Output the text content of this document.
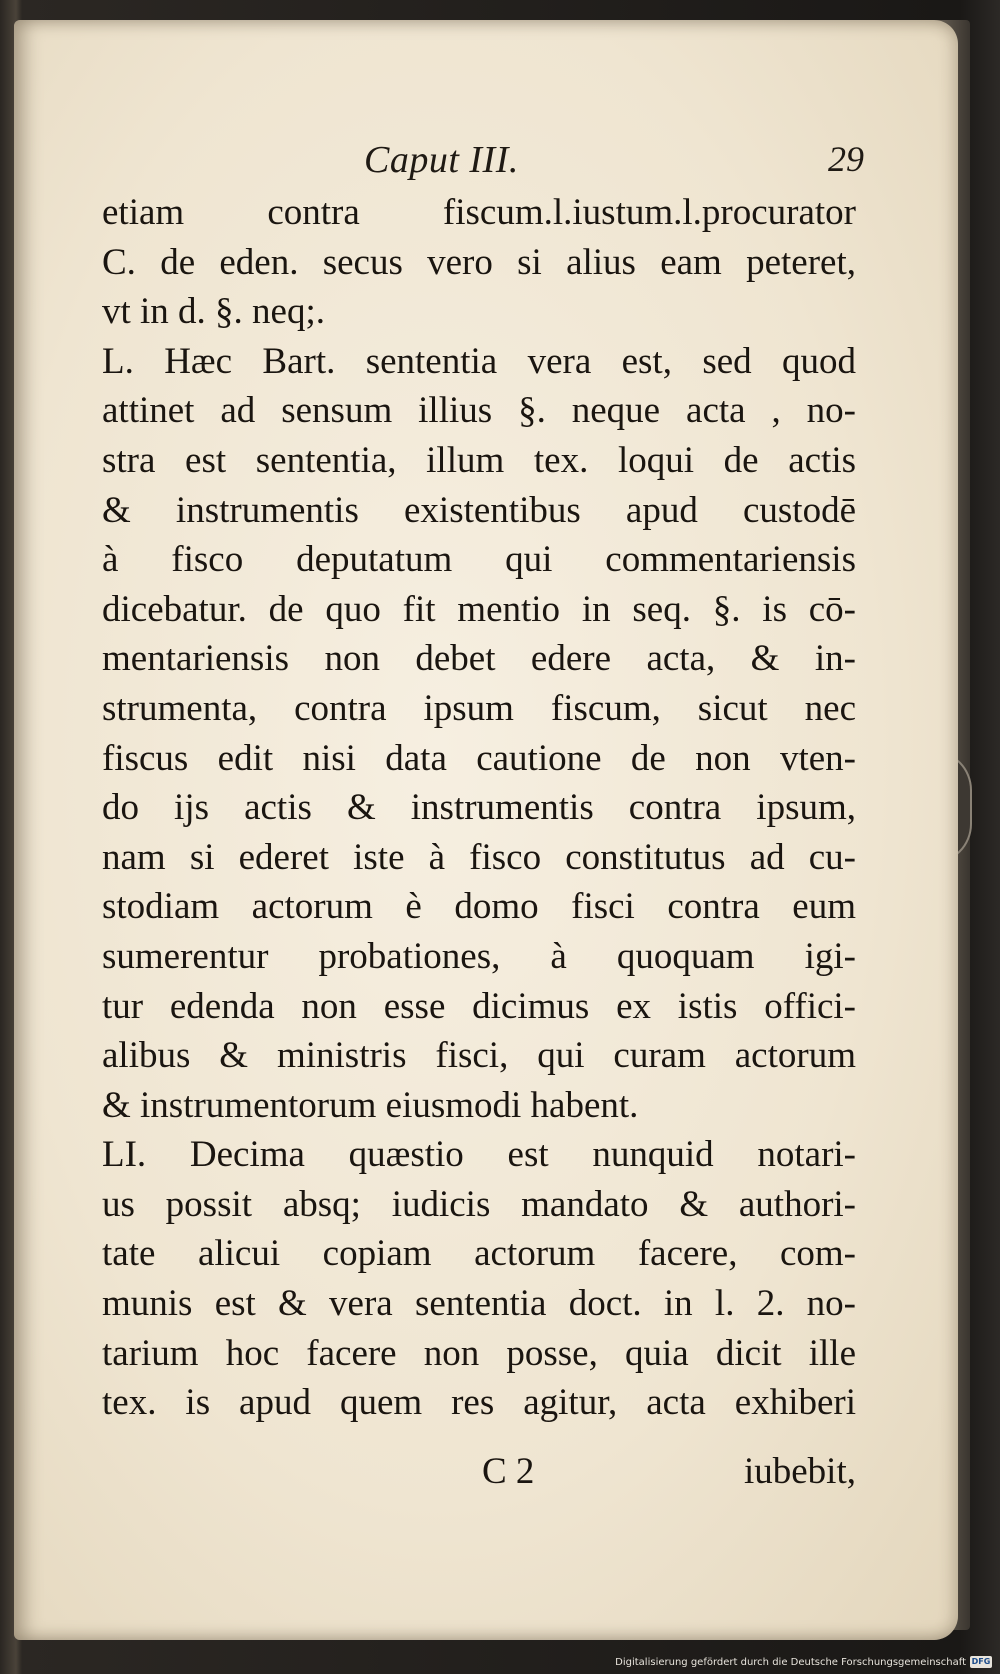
Caput III.	29
etiam contra fiscum.l.iustum.l.procurator
C. de eden. secus vero si alius eam peteret,
vt in d. §. neq;.
L. Hæc Bart. sententia vera est, sed quod
attinet ad sensum illius §. neque acta , no-
stra est sententia, illum tex. loqui de actis
& instrumentis existentibus apud custodē
à fisco deputatum qui commentariensis
dicebatur. de quo fit mentio in seq. §. is cō-
mentariensis non debet edere acta, & in-
strumenta, contra ipsum fiscum, sicut nec
fiscus edit nisi data cautione de non vten-
do ijs actis & instrumentis contra ipsum,
nam si ederet iste à fisco constitutus ad cu-
stodiam actorum è domo fisci contra eum
sumerentur probationes, à quoquam igi-
tur edenda non esse dicimus ex istis offici-
alibus & ministris fisci, qui curam actorum
& instrumentorum eiusmodi habent.
LI. Decima quæstio est nunquid notari-
us possit absq; iudicis mandato & authori-
tate alicui copiam actorum facere, com-
munis est & vera sententia doct. in l. 2. no-
tarium hoc facere non posse, quia dicit ille
tex. is apud quem res agitur, acta exhiberi
C 2	iubebit,
Digitalisierung gefördert durch die Deutsche Forschungsgemeinschaft DFG
